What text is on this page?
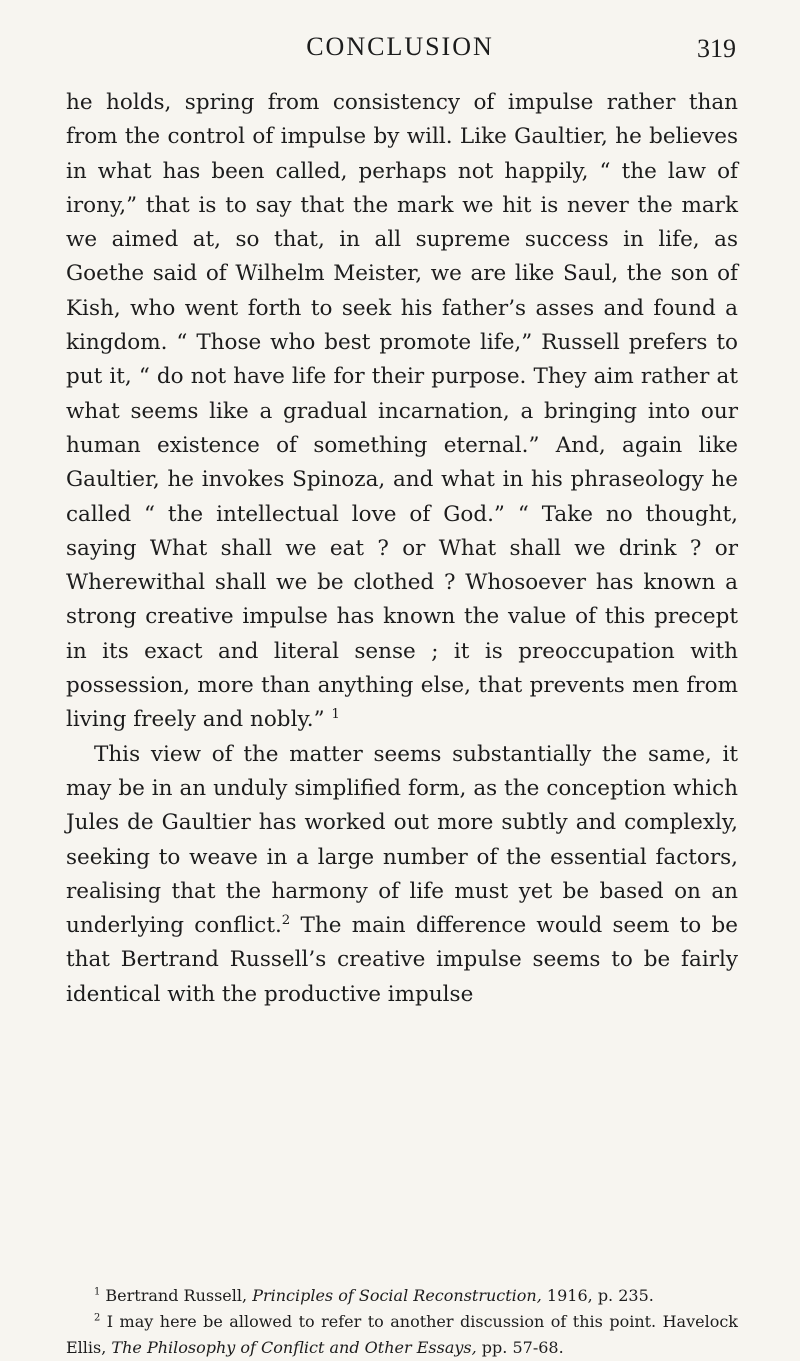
CONCLUSION	319

he holds, spring from consistency of impulse rather than from the control of impulse by will. Like Gaultier, he believes in what has been called, perhaps not happily, “ the law of irony,” that is to say that the mark we hit is never the mark we aimed at, so that, in all supreme success in life, as Goethe said of Wilhelm Meister, we are like Saul, the son of Kish, who went forth to seek his father’s asses and found a kingdom. “ Those who best promote life,” Russell prefers to put it, “ do not have life for their purpose. They aim rather at what seems like a gradual incarnation, a bringing into our human existence of something eternal.” And, again like Gaultier, he invokes Spinoza, and what in his phraseology he called “ the intellectual love of God.” “ Take no thought, saying What shall we eat ? or What shall we drink ? or Wherewithal shall we be clothed ? Whosoever has known a strong creative impulse has known the value of this precept in its exact and literal sense ; it is preoccupation with possession, more than anything else, that prevents men from living freely and nobly.” $^1$

This view of the matter seems substantially the same, it may be in an unduly simplified form, as the conception which Jules de Gaultier has worked out more subtly and complexly, seeking to weave in a large number of the essential factors, realising that the harmony of life must yet be based on an underlying conflict.$^2$ The main difference would seem to be that Bertrand Russell’s creative impulse seems to be fairly identical with the productive impulse

$^1$ Bertrand Russell, Principles of Social Reconstruction, 1916, p. 235.

$^2$ I may here be allowed to refer to another discussion of this point. Havelock Ellis, The Philosophy of Conflict and Other Essays, pp. 57-68.
